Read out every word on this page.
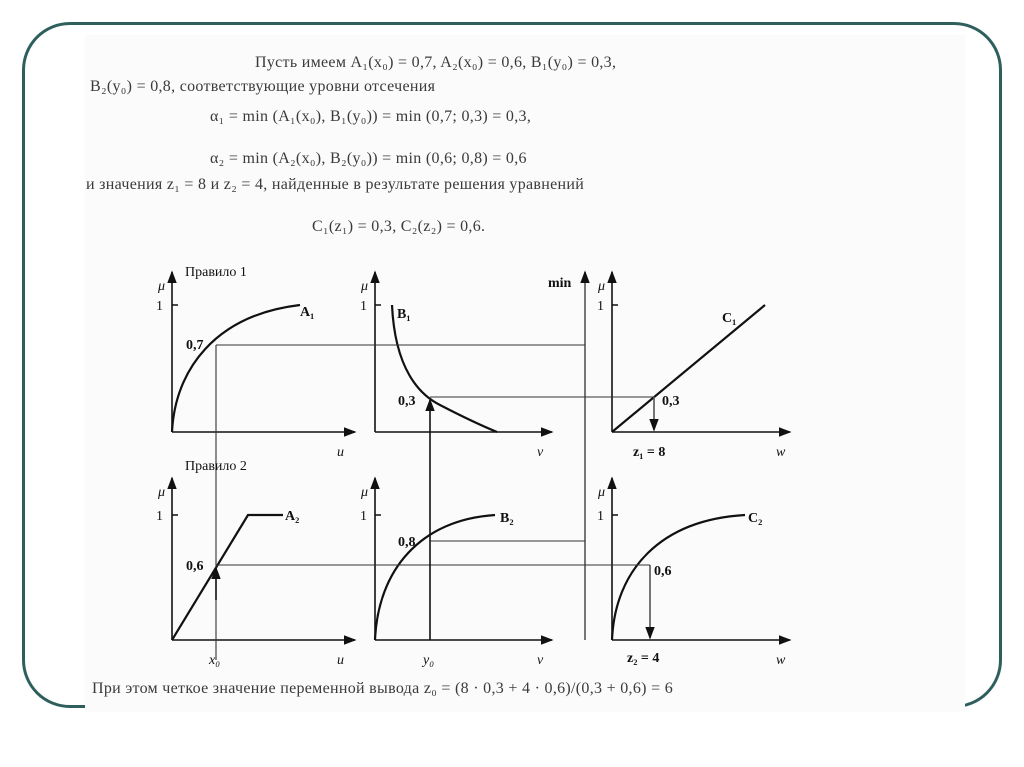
Пусть имеем A₁(x₀) = 0,7, A₂(x₀) = 0,6, B₁(y₀) = 0,3,
B₂(y₀) = 0,8, соответствующие уровни отсечения
α₁ = min (A₁(x₀), B₁(y₀)) = min (0,7; 0,3) = 0,3,
α₂ = min (A₂(x₀), B₂(y₀)) = min (0,6; 0,8) = 0,6
и значения z₁ = 8 и z₂ = 4, найденные в результате решения уравнений
C₁(z₁) = 0,3, C₂(z₂) = 0,6.
При этом четкое значение переменной вывода z₀ = (8 · 0,3 + 4 · 0,6)/(0,3 + 0,6) = 6
Правило 1
Правило 2
μ	μ	μ
μ	μ	μ
1	1	1
1	1	1
min
A₁	B₁	C₁
A₂	B₂	C₂
0,7
0,3	0,3
0,6
0,8
0,6
u	v	w
u	v	w
x₀	y₀
z₁ = 8
z₂ = 4
